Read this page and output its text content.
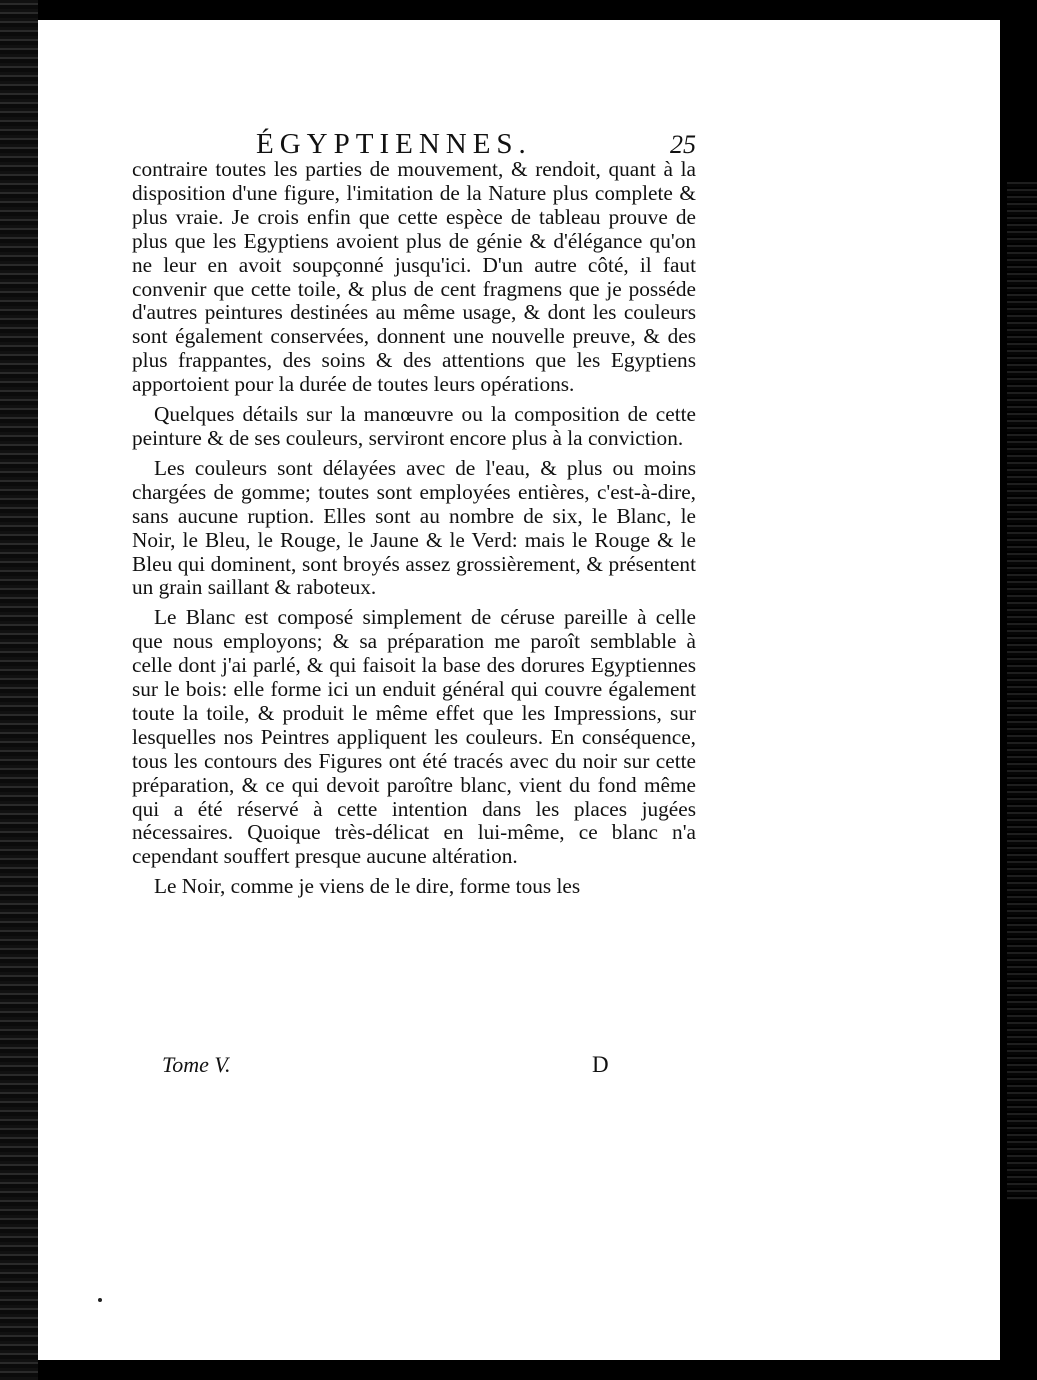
ÉGYPTIENNES.	25

contraire toutes les parties de mouvement, & rendoit, quant à la disposition d'une figure, l'imitation de la Nature plus complete & plus vraie. Je crois enfin que cette espèce de tableau prouve de plus que les Egyptiens avoient plus de génie & d'élégance qu'on ne leur en avoit soupçonné jusqu'ici. D'un autre côté, il faut convenir que cette toile, & plus de cent fragmens que je posséde d'autres peintures destinées au même usage, & dont les couleurs sont également conservées, donnent une nouvelle preuve, & des plus frappantes, des soins & des attentions que les Egyptiens apportoient pour la durée de toutes leurs opérations.

Quelques détails sur la manœuvre ou la composition de cette peinture & de ses couleurs, serviront encore plus à la conviction.

Les couleurs sont délayées avec de l'eau, & plus ou moins chargées de gomme; toutes sont employées entières, c'est-à-dire, sans aucune ruption. Elles sont au nombre de six, le Blanc, le Noir, le Bleu, le Rouge, le Jaune & le Verd: mais le Rouge & le Bleu qui dominent, sont broyés assez grossièrement, & présentent un grain saillant & raboteux.

Le Blanc est composé simplement de céruse pareille à celle que nous employons; & sa préparation me paroît semblable à celle dont j'ai parlé, & qui faisoit la base des dorures Egyptiennes sur le bois: elle forme ici un enduit général qui couvre également toute la toile, & produit le même effet que les Impressions, sur lesquelles nos Peintres appliquent les couleurs. En conséquence, tous les contours des Figures ont été tracés avec du noir sur cette préparation, & ce qui devoit paroître blanc, vient du fond même qui a été réservé à cette intention dans les places jugées nécessaires. Quoique très-délicat en lui-même, ce blanc n'a cependant souffert presque aucune altération.

Le Noir, comme je viens de le dire, forme tous les

Tome V.	D
